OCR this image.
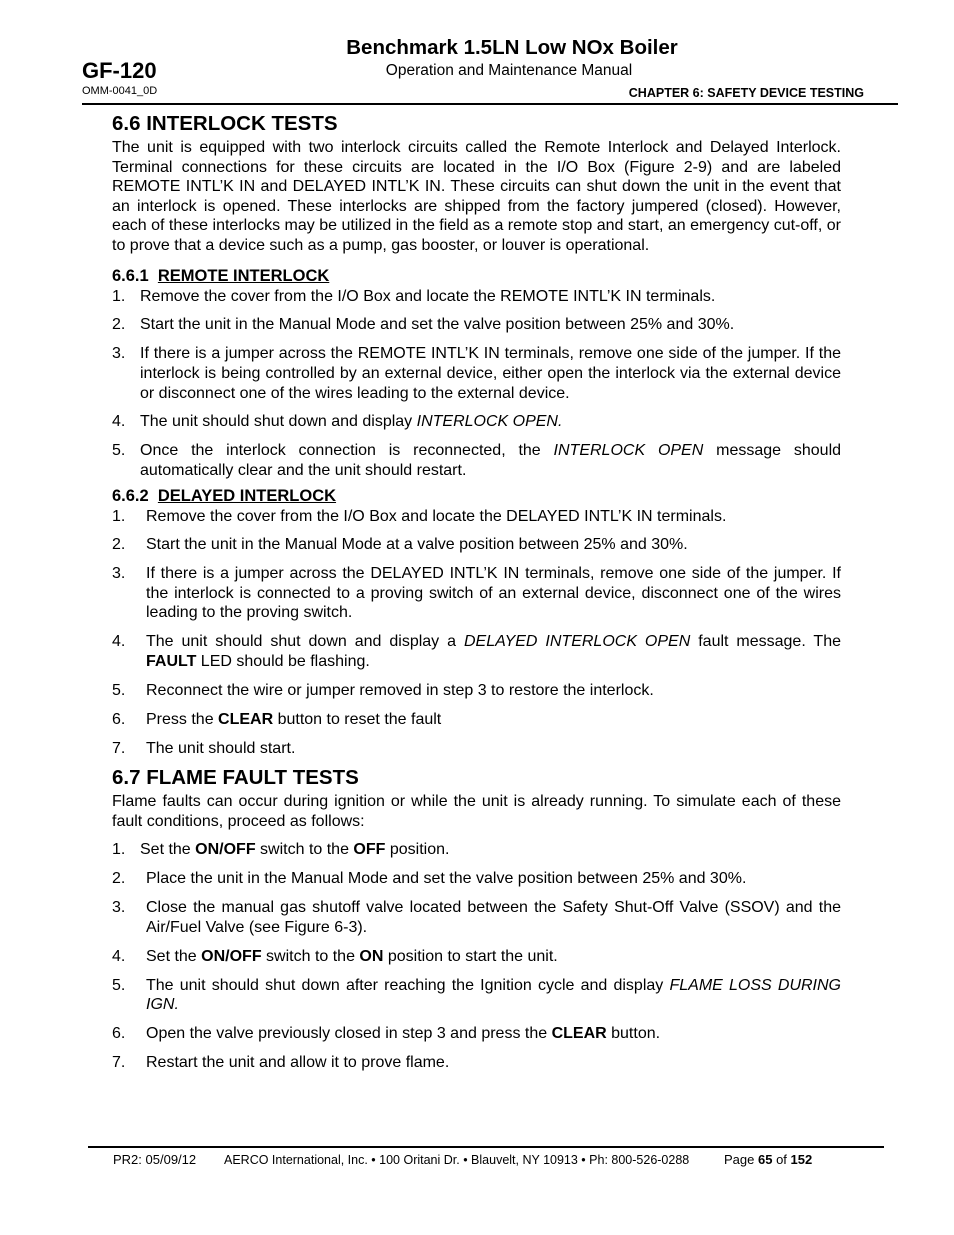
Benchmark 1.5LN Low NOx Boiler
Operation and Maintenance Manual
GF-120
OMM-0041_0D	CHAPTER 6: SAFETY DEVICE TESTING
6.6 INTERLOCK TESTS

The unit is equipped with two interlock circuits called the Remote Interlock and Delayed Interlock. Terminal connections for these circuits are located in the I/O Box (Figure 2-9) and are labeled REMOTE INTL’K IN and DELAYED INTL’K IN. These circuits can shut down the unit in the event that an interlock is opened. These interlocks are shipped from the factory jumpered (closed). However, each of these interlocks may be utilized in the field as a remote stop and start, an emergency cut-off, or to prove that a device such as a pump, gas booster, or louver is operational.

6.6.1 REMOTE INTERLOCK
1. Remove the cover from the I/O Box and locate the REMOTE INTL’K IN terminals.
2. Start the unit in the Manual Mode and set the valve position between 25% and 30%.
3. If there is a jumper across the REMOTE INTL’K IN terminals, remove one side of the jumper. If the interlock is being controlled by an external device, either open the interlock via the external device or disconnect one of the wires leading to the external device.
4. The unit should shut down and display INTERLOCK OPEN.
5. Once the interlock connection is reconnected, the INTERLOCK OPEN message should automatically clear and the unit should restart.
6.6.2 DELAYED INTERLOCK
1.	Remove the cover from the I/O Box and locate the DELAYED INTL’K IN terminals.
2.	Start the unit in the Manual Mode at a valve position between 25% and 30%.
3.	If there is a jumper across the DELAYED INTL’K IN terminals, remove one side of the jumper. If the interlock is connected to a proving switch of an external device, disconnect one of the wires leading to the proving switch.
4.	The unit should shut down and display a DELAYED INTERLOCK OPEN fault message. The FAULT LED should be flashing.
5.	Reconnect the wire or jumper removed in step 3 to restore the interlock.
6.	Press the CLEAR button to reset the fault
7.	The unit should start.
6.7 FLAME FAULT TESTS

Flame faults can occur during ignition or while the unit is already running. To simulate each of these fault conditions, proceed as follows:

1. Set the ON/OFF switch to the OFF position.
2.	Place the unit in the Manual Mode and set the valve position between 25% and 30%.
3.	Close the manual gas shutoff valve located between the Safety Shut-Off Valve (SSOV) and the Air/Fuel Valve (see Figure 6-3).
4.	Set the ON/OFF switch to the ON position to start the unit.
5.	The unit should shut down after reaching the Ignition cycle and display FLAME LOSS DURING IGN.
6.	Open the valve previously closed in step 3 and press the CLEAR button.
7.	Restart the unit and allow it to prove flame.
PR2: 05/09/12 AERCO International, Inc. • 100 Oritani Dr. • Blauvelt, NY 10913 • Ph: 800-526-0288	Page 65 of 152
